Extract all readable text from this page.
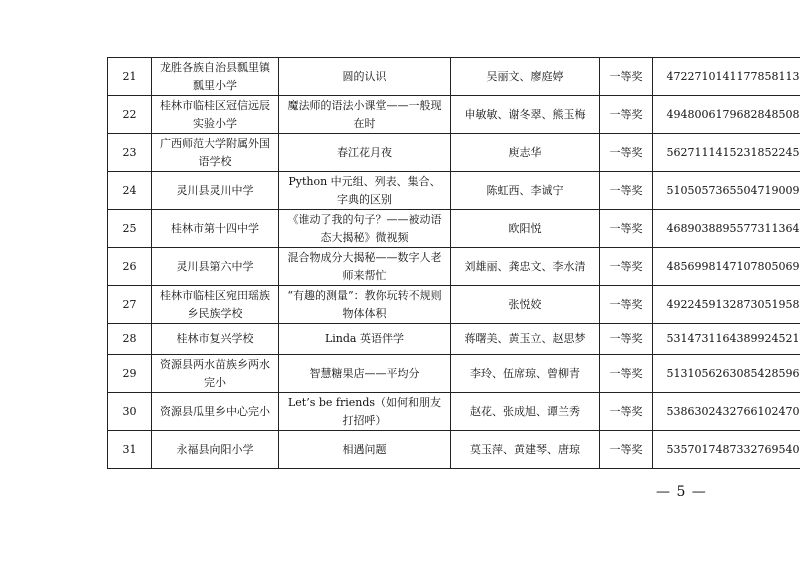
21	龙胜各族自治县瓢里镇瓢里小学	圆的认识	吴丽文、廖庭婷	一等奖	4722710141177858113
22	桂林市临桂区冠信远辰实验小学	魔法师的语法小课堂——一般现在时	申敏敏、谢冬翠、熊玉梅	一等奖	4948006179682848508
23	广西师范大学附属外国语学校	春江花月夜	庾志华	一等奖	5627111415231852245
24	灵川县灵川中学	Python 中元组、列表、集合、字典的区别	陈虹西、李诚宁	一等奖	5105057365504719009
25	桂林市第十四中学	《谁动了我的句子？——被动语态大揭秘》微视频	欧阳悦	一等奖	4689038895577311364
26	灵川县第六中学	混合物成分大揭秘——数字人老师来帮忙	刘雄丽、龚忠文、李水清	一等奖	4856998147107805069
27	桂林市临桂区宛田瑶族乡民族学校	“有趣的测量”：教你玩转不规则物体体积	张悦姣	一等奖	4922459132873051958
28	桂林市复兴学校	Linda 英语伴学	蒋曙美、黄玉立、赵思梦	一等奖	5314731164389924521
29	资源县两水苗族乡两水完小	智慧糖果店——平均分	李玲、伍席琼、曾柳青	一等奖	5131056263085428596
30	资源县瓜里乡中心完小	Let’s be friends（如何和朋友打招呼）	赵花、张成旭、谭兰秀	一等奖	5386302432766102470
31	永福县向阳小学	相遇问题	莫玉萍、黄建琴、唐琼	一等奖	5357017487332769540
— 5 —
